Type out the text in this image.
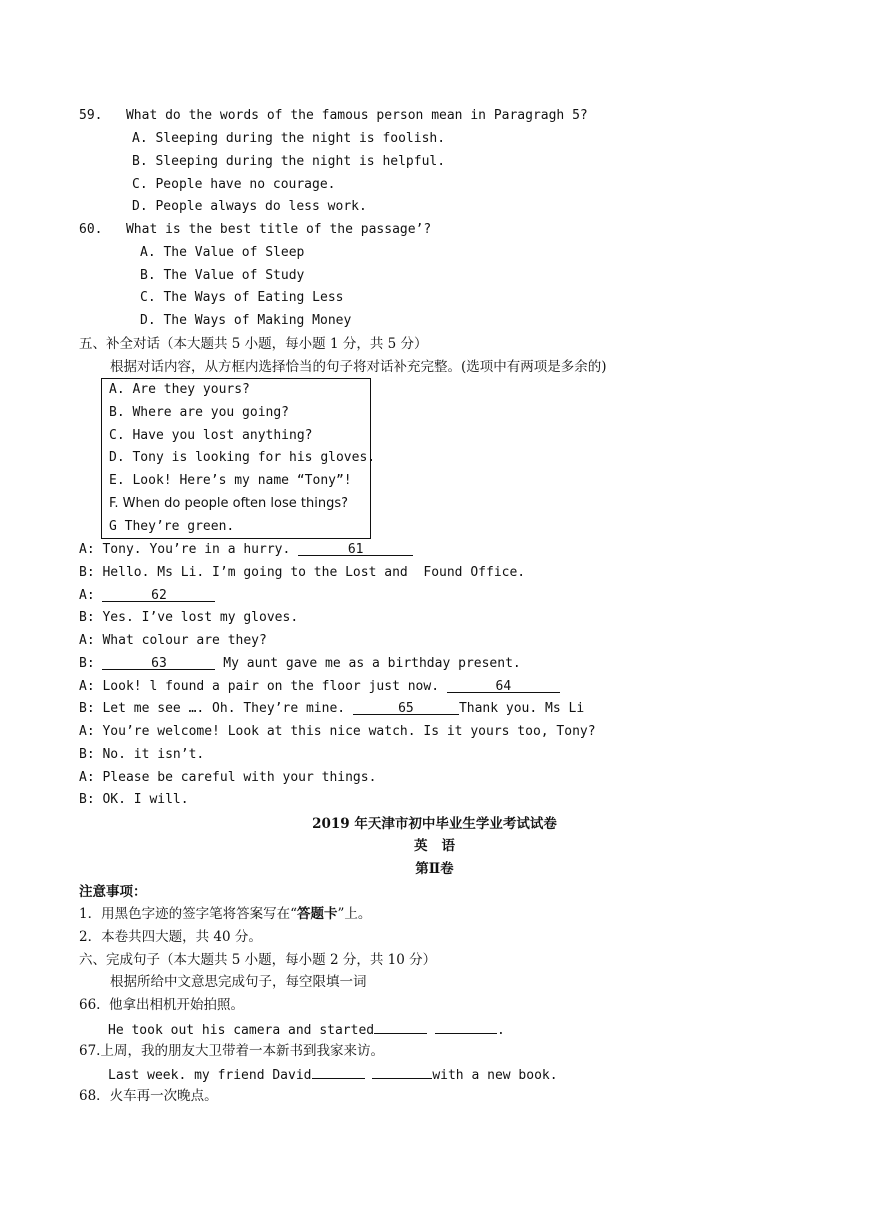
59.   What do the words of the famous person mean in Paragragh 5?
A. Sleeping during the night is foolish.
B. Sleeping during the night is helpful.
C. People have no courage.
D. People always do less work.
60.   What is the best title of the passage’?
A. The Value of Sleep
B. The Value of Study
C. The Ways of Eating Less
D. The Ways of Making Money
五、补全对话（本大题共 5 小题，每小题 1 分，共 5 分）
根据对话内容，从方框内选择恰当的句子将对话补充完整。(选项中有两项是多余的)
A. Are they yours?
B. Where are you going?
C. Have you lost anything?
D. Tony is looking for his gloves.
E. Look! Here’s my name “Tony”!
F. When do people often lose things?
G They’re green.
A: Tony. You’re in a hurry.	61
B: Hello. Ms Li. I’m going to the Lost and  Found Office.
A:	62
B: Yes. I’ve lost my gloves.
A: What colour are they?
B:	63	My aunt gave me as a birthday present.
A: Look! l found a pair on the floor just now.	64
B: Let me see …. Oh. They’re mine.	65	Thank you. Ms Li
A: You’re welcome! Look at this nice watch. Is it yours too, Tony?
B: No. it isn’t.
A: Please be careful with your things.
B: OK. I will.
2019 年天津市初中毕业生学业考试试卷
英   语
第Ⅱ卷
注意事项：
1．用黑色字迹的签字笔将答案写在“答题卡”上。
2．本卷共四大题，共 40 分。
六、完成句子（本大题共 5 小题，每小题 2 分，共 10 分）
根据所给中文意思完成句子，每空限填一词
66.  他拿出相机开始拍照。
He took out his camera and started	.
67.上周，我的朋友大卫带着一本新书到我家来访。
Last week. my friend David	with a new book.
68．火车再一次晚点。
